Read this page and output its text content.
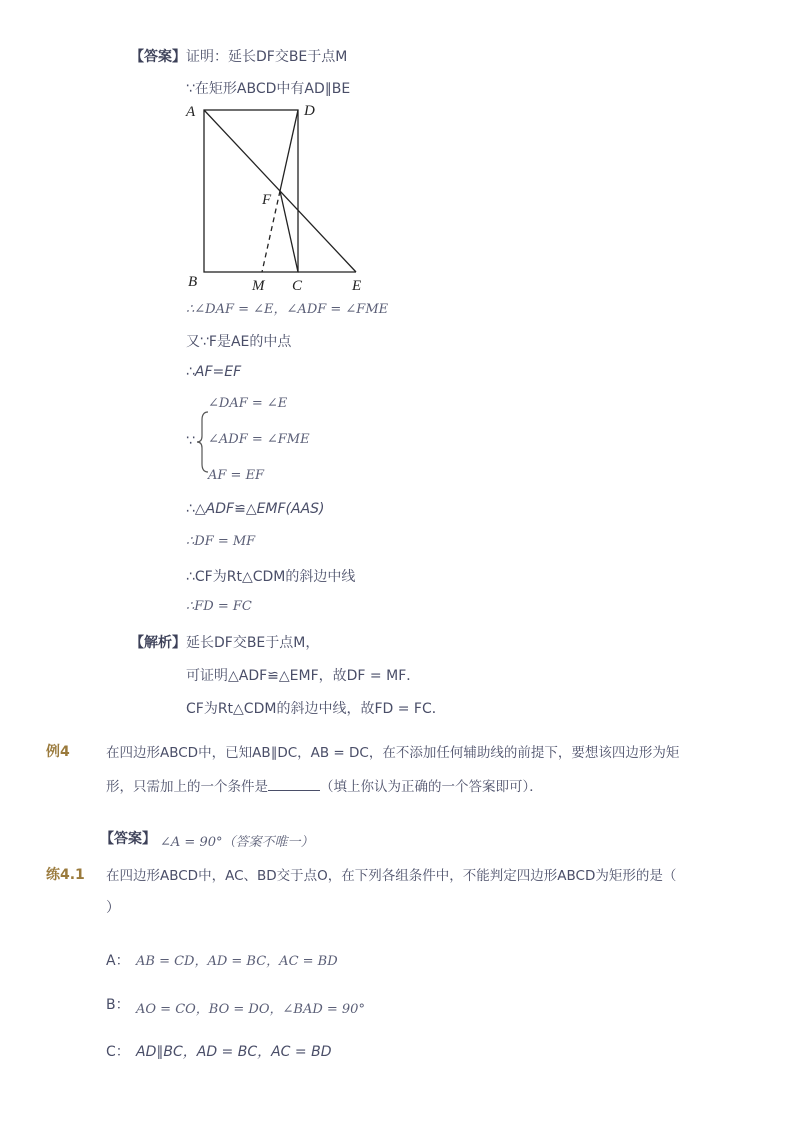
【答案】 证明：延长DF交BE于点M
∵在矩形ABCD中有AD∥BE
A	D
F
B	M C	E
∴∠DAF = ∠E，∠ADF = ∠FME
又∵F是AE的中点
∴AF=EF
∵
∠DAF = ∠E
∠ADF = ∠FME
AF = EF
∴△ADF≌△EMF(AAS)
∴DF = MF
∴CF为Rt△CDM的斜边中线
∴FD = FC
【解析】 延长DF交BE于点M，
可证明△ADF≌△EMF，故DF = MF．
CF为Rt△CDM的斜边中线，故FD = FC．
例4	在四边形ABCD中，已知AB∥DC，AB = DC，在不添加任何辅助线的前提下，要想该四边形为矩
形，只需加上的一个条件是	（填上你认为正确的一个答案即可）．
【答案】 ∠A = 90°（答案不唯一）
练4.1 在四边形ABCD中，AC、BD交于点O，在下列各组条件中，不能判定四边形ABCD为矩形的是（
）
A： AB = CD，AD = BC，AC = BD
B： AO = CO，BO = DO，∠BAD = 90°
C： AD∥BC，AD = BC，AC = BD
